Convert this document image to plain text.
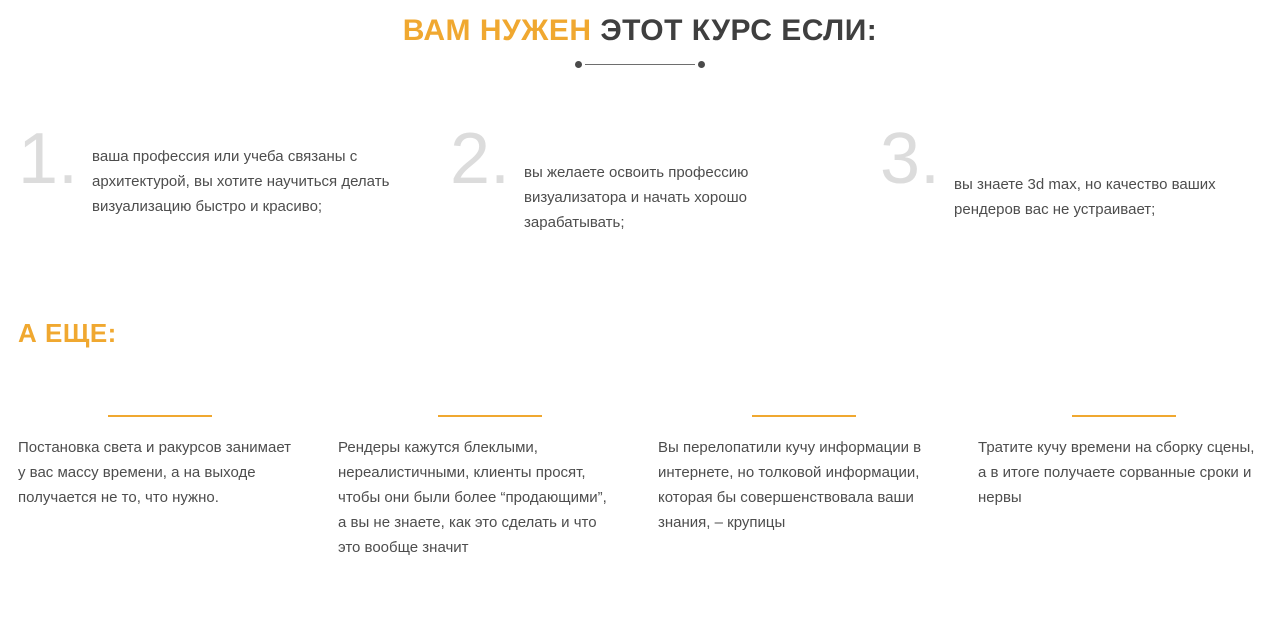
ВАМ НУЖЕН ЭТОТ КУРС ЕСЛИ:
1. ваша профессия или учеба связаны с архитектурой, вы хотите научиться делать визуализацию быстро и красиво;
2. вы желаете освоить профессию визуализатора и начать хорошо зарабатывать;
3. вы знаете 3d max, но качество ваших рендеров вас не устраивает;
А ЕЩЕ:
Постановка света и ракурсов занимает у вас массу времени, а на выходе получается не то, что нужно.
Рендеры кажутся блеклыми, нереалистичными, клиенты просят, чтобы они были более “продающими”, а вы не знаете, как это сделать и что это вообще значит
Вы перелопатили кучу информации в интернете, но толковой информации, которая бы совершенствовала ваши знания, – крупицы
Тратите кучу времени на сборку сцены, а в итоге получаете сорванные сроки и нервы
